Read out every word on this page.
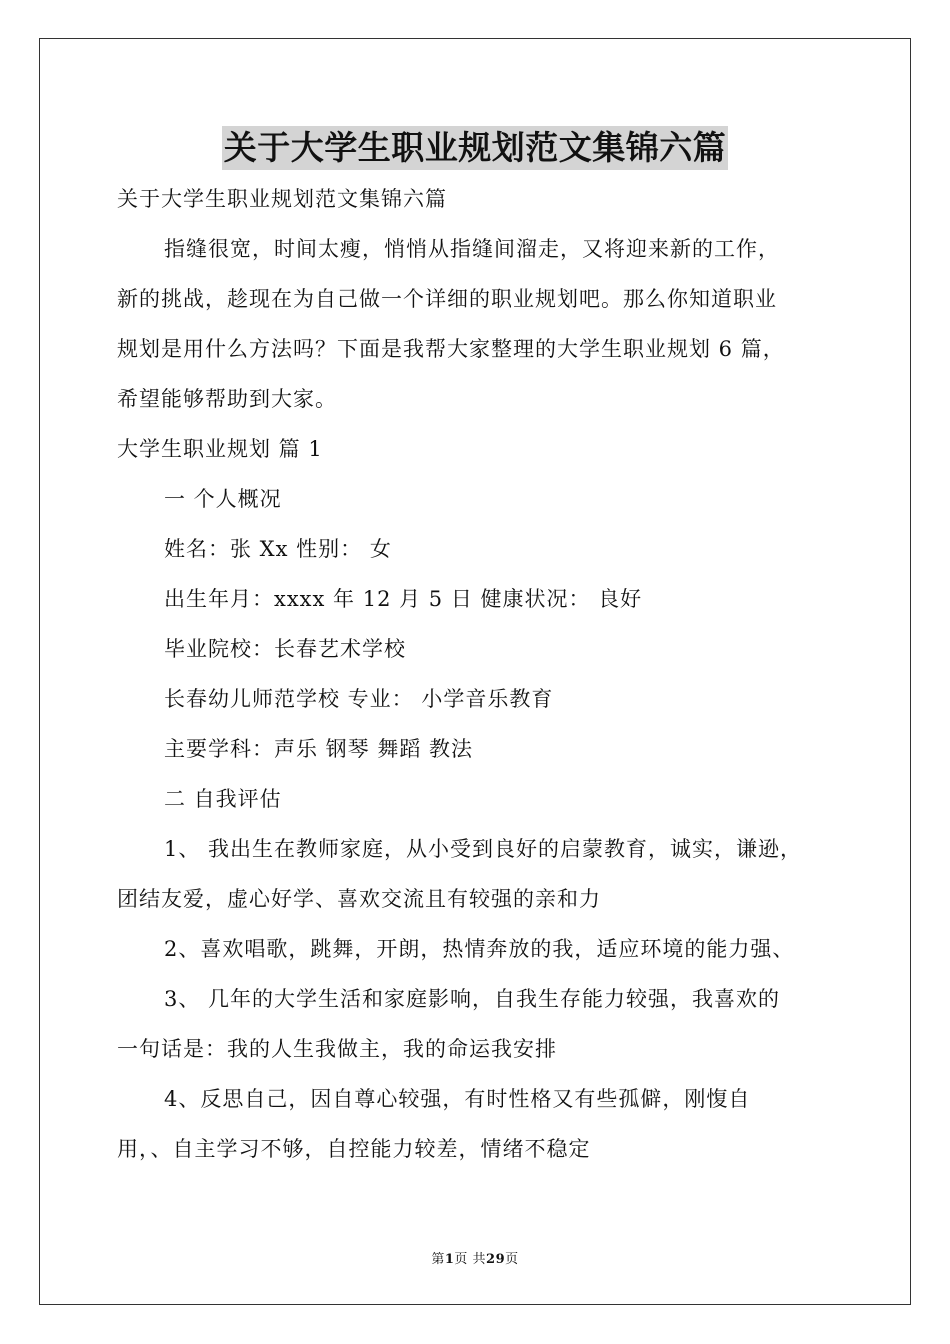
关于大学生职业规划范文集锦六篇
关于大学生职业规划范文集锦六篇
指缝很宽，时间太瘦，悄悄从指缝间溜走，又将迎来新的工作，
新的挑战，趁现在为自己做一个详细的职业规划吧。那么你知道职业
规划是用什么方法吗？下面是我帮大家整理的大学生职业规划 6 篇，
希望能够帮助到大家。
大学生职业规划 篇 1
一 个人概况
姓名：张 Xx 性别： 女
出生年月：xxxx 年 12 月 5 日 健康状况： 良好
毕业院校：长春艺术学校
长春幼儿师范学校 专业： 小学音乐教育
主要学科：声乐 钢琴 舞蹈 教法
二 自我评估
1、 我出生在教师家庭，从小受到良好的启蒙教育，诚实，谦逊，
团结友爱，虚心好学、喜欢交流且有较强的亲和力
2、喜欢唱歌，跳舞，开朗，热情奔放的我，适应环境的能力强、
3、 几年的大学生活和家庭影响，自我生存能力较强，我喜欢的
一句话是：我的人生我做主，我的命运我安排
4、反思自己，因自尊心较强，有时性格又有些孤僻，刚愎自
用，、自主学习不够，自控能力较差，情绪不稳定
第1页 共29页
